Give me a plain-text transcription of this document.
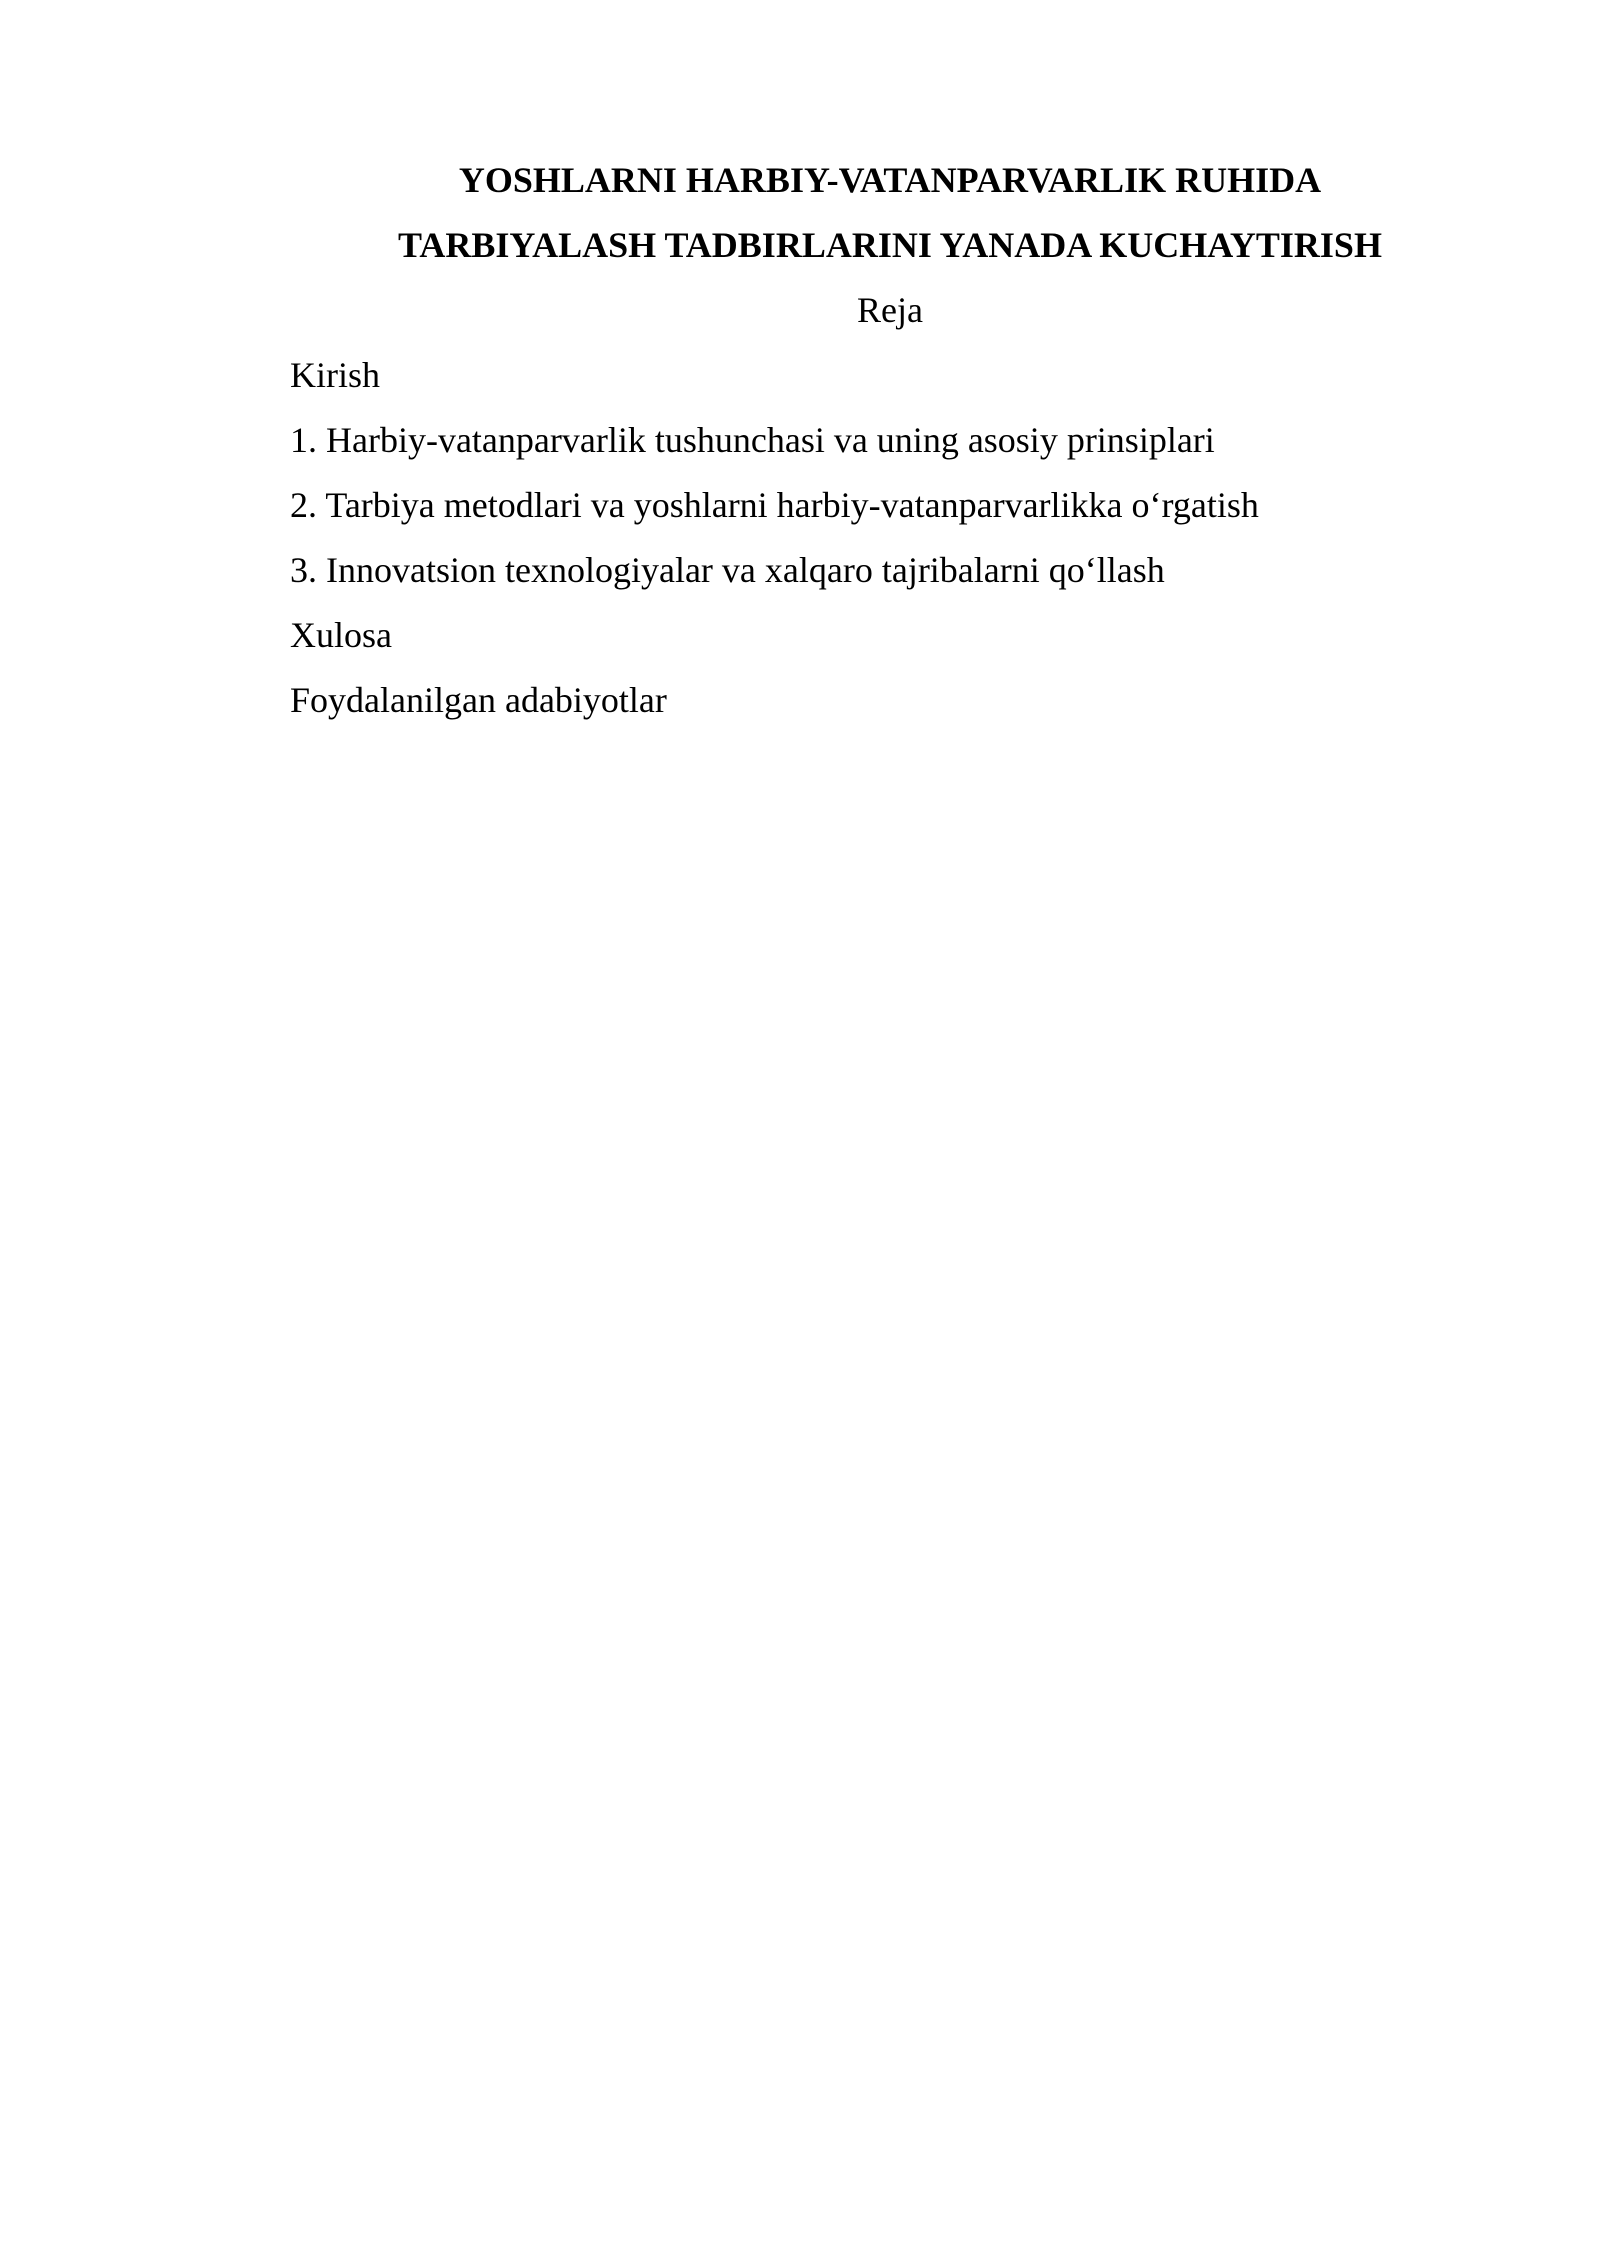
YOSHLARNI HARBIY-VATANPARVARLIK RUHIDA
TARBIYALASH TADBIRLARINI YANADA KUCHAYTIRISH
Reja
Kirish
1. Harbiy-vatanparvarlik tushunchasi va uning asosiy prinsiplari
2. Tarbiya metodlari va yoshlarni harbiy-vatanparvarlikka o‘rgatish
3. Innovatsion texnologiyalar va xalqaro tajribalarni qo‘llash
Xulosa
Foydalanilgan adabiyotlar
